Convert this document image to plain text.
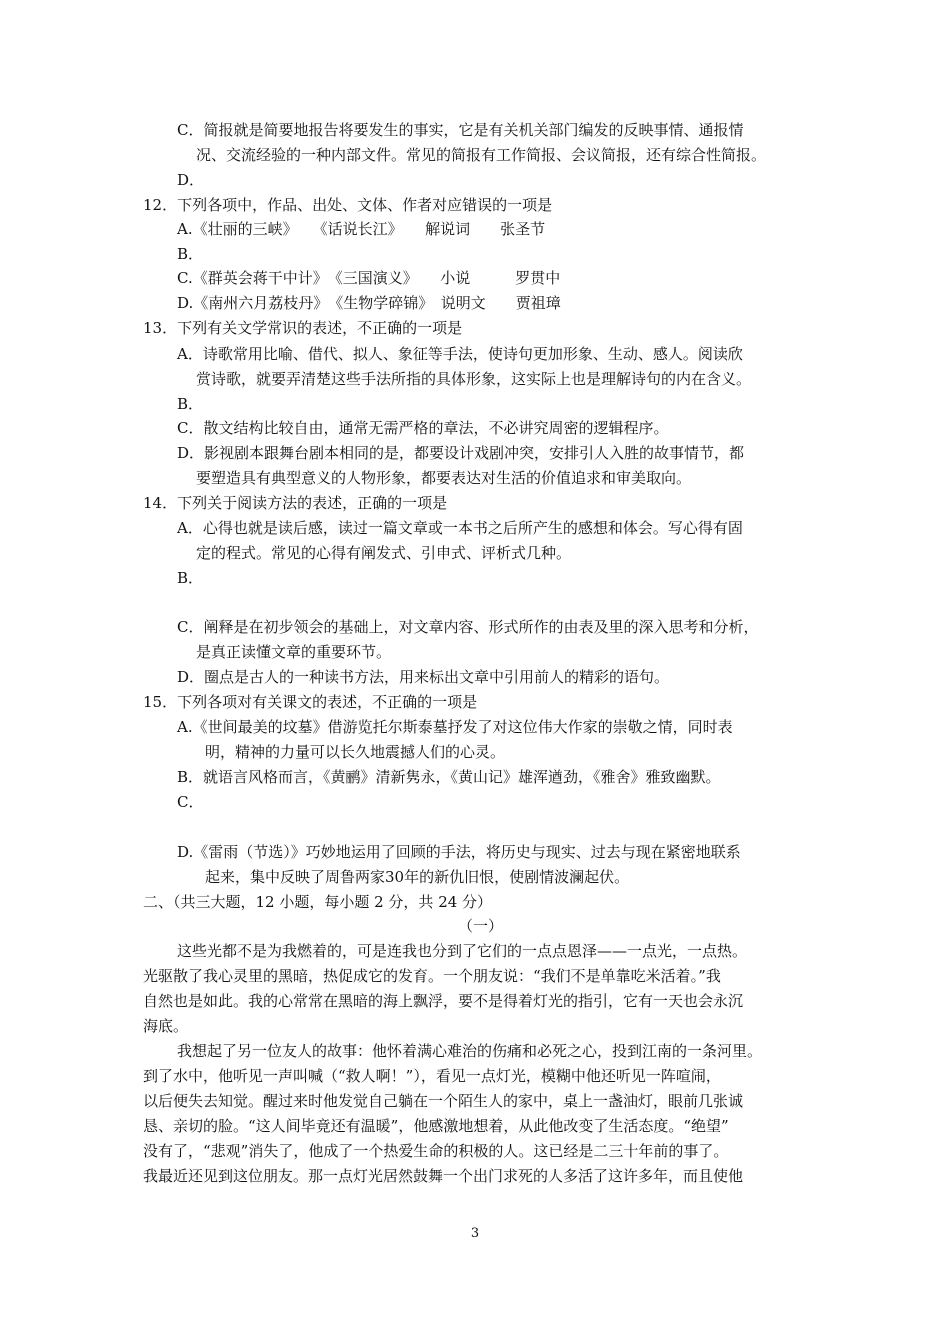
C．简报就是简要地报告将要发生的事实，它是有关机关部门编发的反映事情、通报情
况、交流经验的一种内部文件。常见的简报有工作简报、会议简报，还有综合性简报。
D．
12．下列各项中，作品、出处、文体、作者对应错误的一项是
A.《壮丽的三峡》　　《话说长江》　　解说词　　张圣节
B．
C.《群英会蒋干中计》　《三国演义》　　小说　　　罗贯中
D.《南州六月荔枝丹》　《生物学碎锦》　说明文　　贾祖璋
13．下列有关文学常识的表述，不正确的一项是
A．诗歌常用比喻、借代、拟人、象征等手法，使诗句更加形象、生动、感人。阅读欣
赏诗歌，就要弄清楚这些手法所指的具体形象，这实际上也是理解诗句的内在含义。
B．
C．散文结构比较自由，通常无需严格的章法，不必讲究周密的逻辑程序。
D．影视剧本跟舞台剧本相同的是，都要设计戏剧冲突，安排引人入胜的故事情节，都
要塑造具有典型意义的人物形象，都要表达对生活的价值追求和审美取向。
14．下列关于阅读方法的表述，正确的一项是
A．心得也就是读后感，读过一篇文章或一本书之后所产生的感想和体会。写心得有固
定的程式。常见的心得有阐发式、引申式、评析式几种。
B．
C．阐释是在初步领会的基础上，对文章内容、形式所作的由表及里的深入思考和分析，
是真正读懂文章的重要环节。
D．圈点是古人的一种读书方法，用来标出文章中引用前人的精彩的语句。
15．下列各项对有关课文的表述，不正确的一项是
A.《世间最美的坟墓》借游览托尔斯泰墓抒发了对这位伟大作家的崇敬之情，同时表
明，精神的力量可以长久地震撼人们的心灵。
B．就语言风格而言，《黄鹂》清新隽永，《黄山记》雄浑遒劲，《雅舍》雅致幽默。
C．
D.《雷雨（节选）》巧妙地运用了回顾的手法，将历史与现实、过去与现在紧密地联系
起来，集中反映了周鲁两家30年的新仇旧恨，使剧情波澜起伏。
二、（共三大题，12 小题，每小题 2 分，共 24 分）
（一）
这些光都不是为我燃着的，可是连我也分到了它们的一点点恩泽——一点光，一点热。
光驱散了我心灵里的黑暗，热促成它的发育。一个朋友说：“我们不是单靠吃米活着。”我
自然也是如此。我的心常常在黑暗的海上飘浮，要不是得着灯光的指引，它有一天也会永沉
海底。
我想起了另一位友人的故事：他怀着满心难治的伤痛和必死之心，投到江南的一条河里。
到了水中，他听见一声叫喊（“救人啊！”），看见一点灯光，模糊中他还听见一阵喧闹，
以后便失去知觉。醒过来时他发觉自己躺在一个陌生人的家中，桌上一盏油灯，眼前几张诚
恳、亲切的脸。“这人间毕竟还有温暖”，他感激地想着，从此他改变了生活态度。“绝望”
没有了，“悲观”消失了，他成了一个热爱生命的积极的人。这已经是二三十年前的事了。
我最近还见到这位朋友。那一点灯光居然鼓舞一个出门求死的人多活了这许多年，而且使他
3
